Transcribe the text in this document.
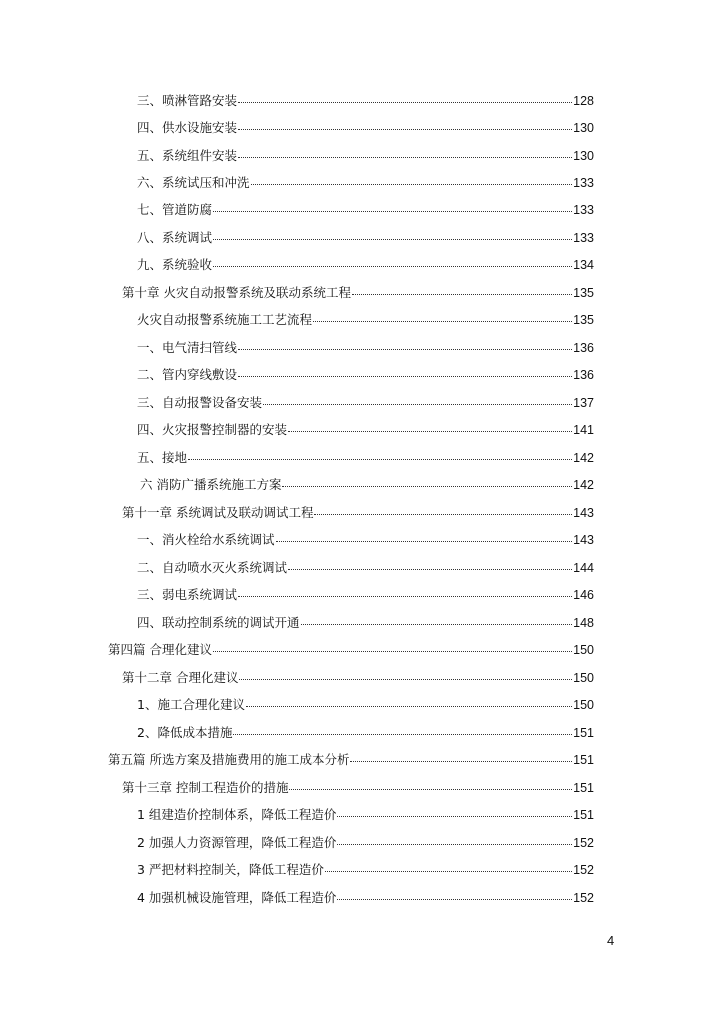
三、喷淋管路安装	128
四、供水设施安装	130
五、系统组件安装	130
六、系统试压和冲洗	133
七、管道防腐	133
八、系统调试	133
九、系统验收	134
第十章 火灾自动报警系统及联动系统工程	135
火灾自动报警系统施工工艺流程	135
一、电气清扫管线	136
二、管内穿线敷设	136
三、自动报警设备安装	137
四、火灾报警控制器的安装	141
五、接地	142
六 消防广播系统施工方案	142
第十一章 系统调试及联动调试工程	143
一、消火栓给水系统调试	143
二、自动喷水灭火系统调试	144
三、弱电系统调试	146
四、联动控制系统的调试开通	148
第四篇 合理化建议	150
第十二章 合理化建议	150
1、施工合理化建议	150
2、降低成本措施	151
第五篇 所选方案及措施费用的施工成本分析	151
第十三章 控制工程造价的措施	151
1 组建造价控制体系，降低工程造价	151
2 加强人力资源管理，降低工程造价	152
3 严把材料控制关，降低工程造价	152
4 加强机械设施管理，降低工程造价	152
4
